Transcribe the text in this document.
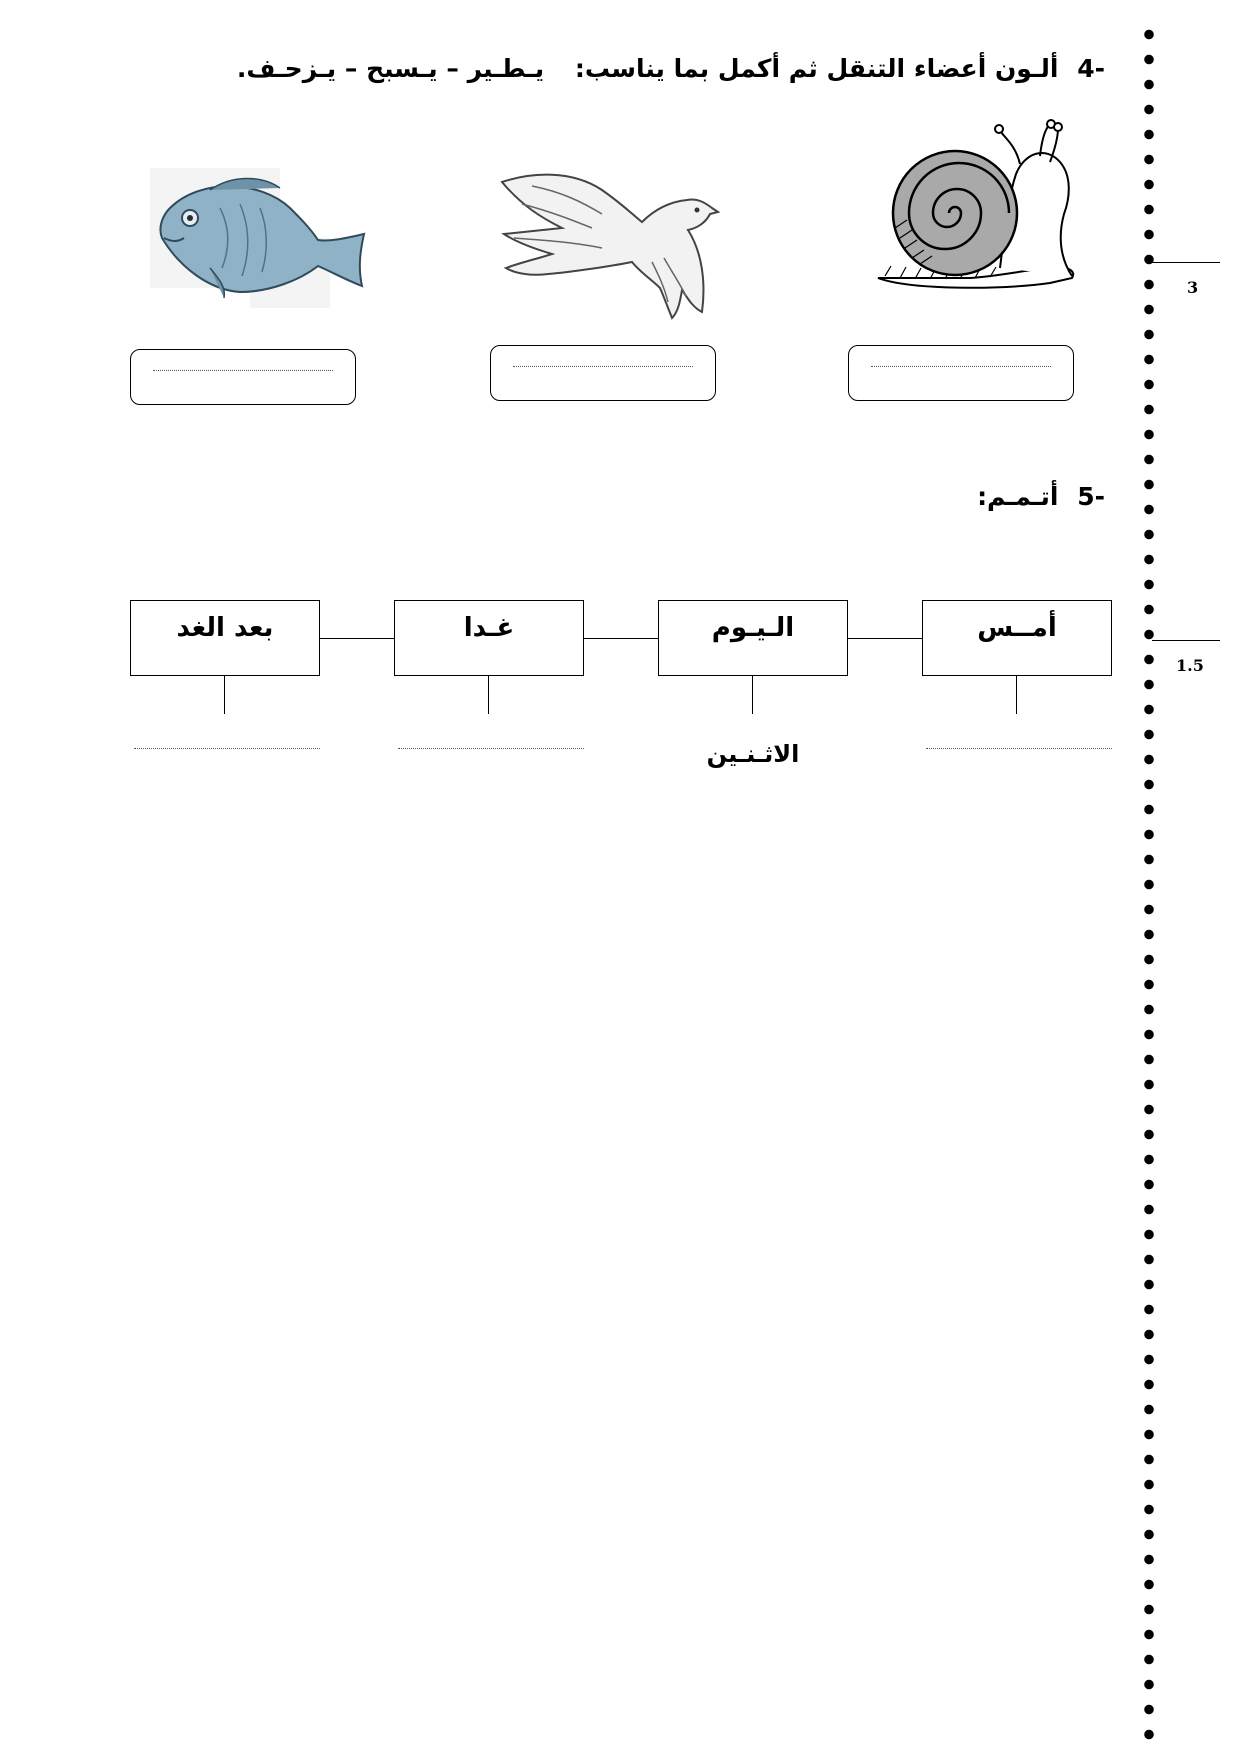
-4 ألـون أعضاء التنقل ثم أكمل بما يناسب: يـطـير – يـسبح – يـزحـف.
-5 أتـمـم:
أمــس
الـيـوم
غـدا
بعد الغد
الاثـنـين
3
1.5
